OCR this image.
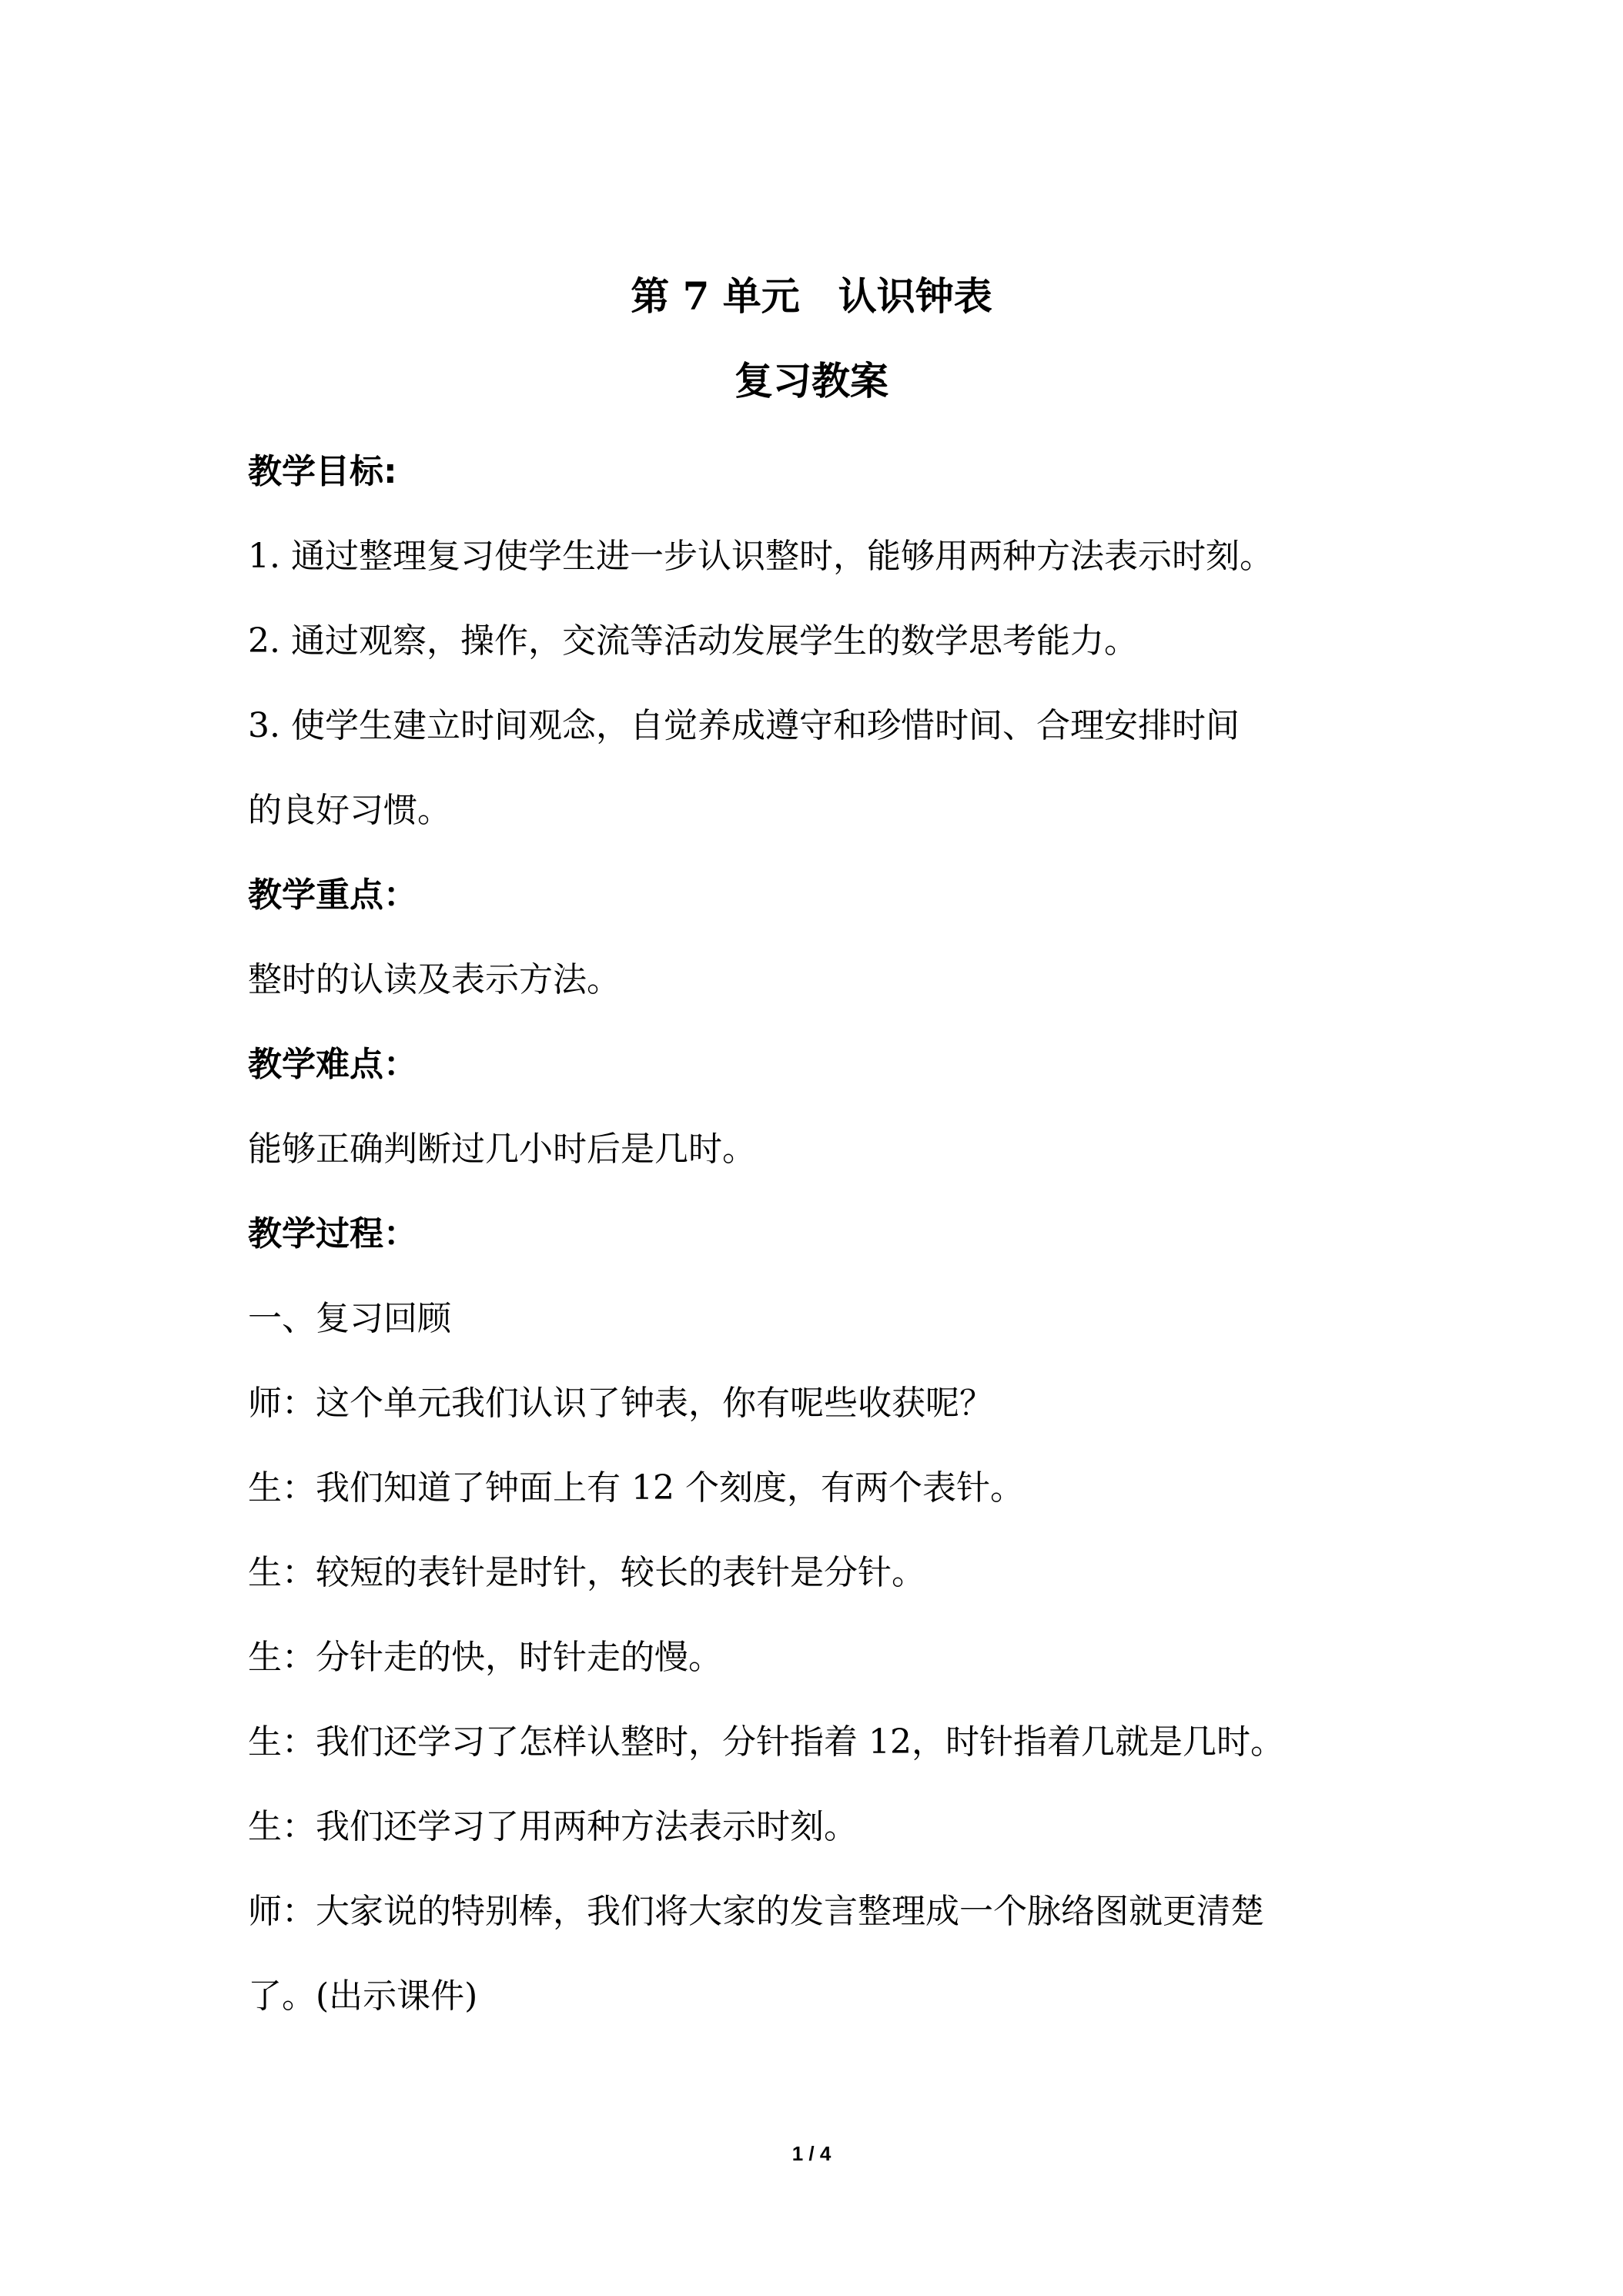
第 7 单元 认识钟表

复习教案

教学目标:

1. 通过整理复习使学生进一步认识整时，能够用两种方法表示时刻。

2. 通过观察，操作，交流等活动发展学生的数学思考能力。

3. 使学生建立时间观念，自觉养成遵守和珍惜时间、合理安排时间

的良好习惯。

教学重点：

整时的认读及表示方法。

教学难点：

能够正确判断过几小时后是几时。

教学过程：

一、复习回顾

师：这个单元我们认识了钟表，你有呢些收获呢？

生：我们知道了钟面上有 12 个刻度，有两个表针。

生：较短的表针是时针，较长的表针是分针。

生：分针走的快，时针走的慢。

生：我们还学习了怎样认整时，分针指着 12，时针指着几就是几时。

生：我们还学习了用两种方法表示时刻。

师：大家说的特别棒，我们将大家的发言整理成一个脉络图就更清楚

了。(出示课件)

1 / 4
